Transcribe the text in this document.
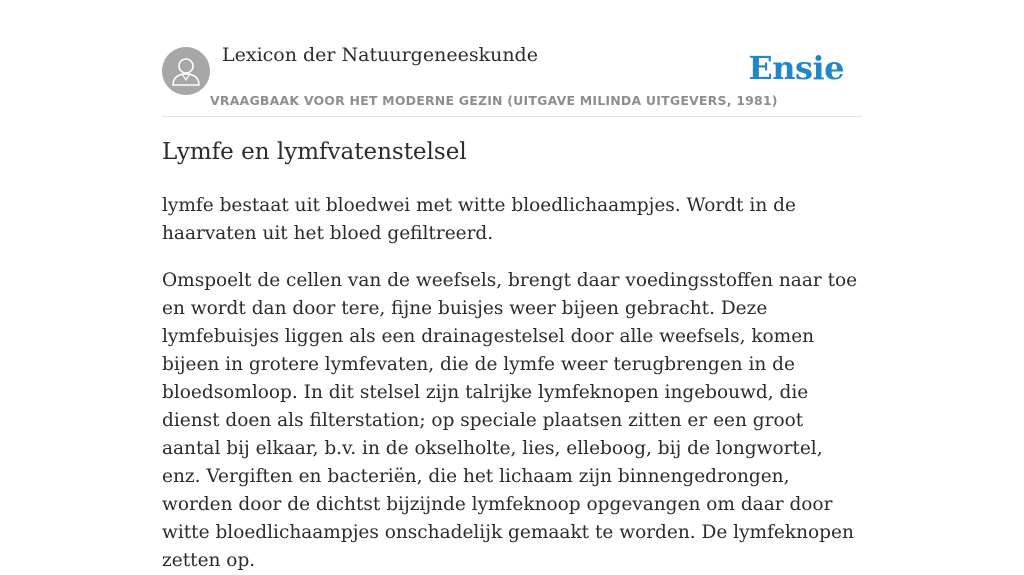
Lexicon der Natuurgeneeskunde
VRAAGBAAK VOOR HET MODERNE GEZIN (UITGAVE MILINDA UITGEVERS, 1981)
Ensie
Lymfe en lymfvatenstelsel

lymfe bestaat uit bloedwei met witte bloedlichaampjes. Wordt in de haarvaten uit het bloed gefiltreerd.

Omspoelt de cellen van de weefsels, brengt daar voedingsstoffen naar toe en wordt dan door tere, fijne buisjes weer bijeen gebracht. Deze lymfebuisjes liggen als een drainagestelsel door alle weefsels, komen bijeen in grotere lymfevaten, die de lymfe weer terugbrengen in de bloedsomloop. In dit stelsel zijn talrijke lymfeknopen ingebouwd, die dienst doen als filterstation; op speciale plaatsen zitten er een groot aantal bij elkaar, b.v. in de okselholte, lies, elleboog, bij de longwortel, enz. Vergiften en bacteriën, die het lichaam zijn binnengedrongen, worden door de dichtst bijzijnde lymfeknoop opgevangen om daar door witte bloedlichaampjes onschadelijk gemaakt te worden. De lymfeknopen zetten op.
